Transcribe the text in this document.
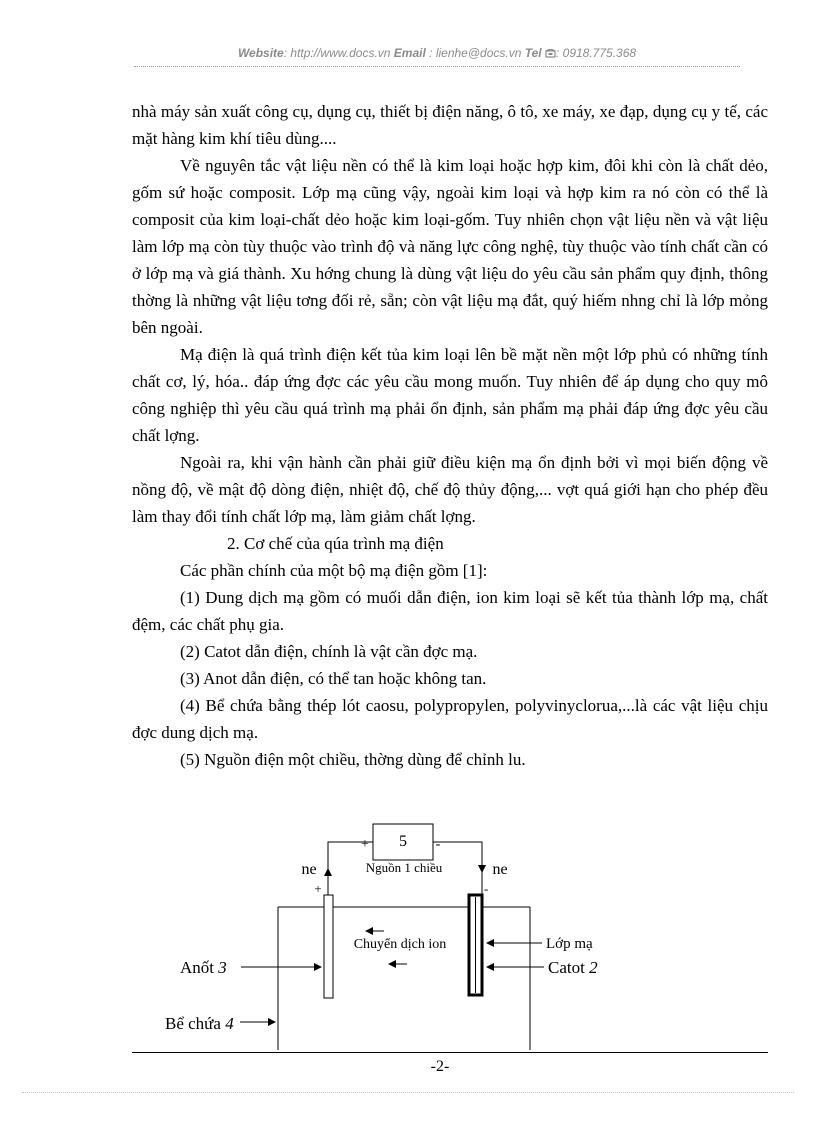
Website: http://www.docs.vn Email : lienhe@docs.vn Tel : 0918.775.368

nhà máy sản xuất công cụ, dụng cụ, thiết bị điện năng, ô tô, xe máy, xe đạp, dụng cụ y tế, các mặt hàng kim khí tiêu dùng....

Về nguyên tắc vật liệu nền có thể là kim loại hoặc hợp kim, đôi khi còn là chất dẻo, gốm sứ hoặc composit. Lớp mạ cũng vậy, ngoài kim loại và hợp kim ra nó còn có thể là composit của kim loại-chất dẻo hoặc kim loại-gốm. Tuy nhiên chọn vật liệu nền và vật liệu làm lớp mạ còn tùy thuộc vào trình độ và năng lực công nghệ, tùy thuộc vào tính chất cần có ở lớp mạ và giá thành. Xu hớng chung là dùng vật liệu do yêu cầu sản phẩm quy định, thông thờng là những vật liệu tơng đối rẻ, sẵn; còn vật liệu mạ đắt, quý hiếm nhng chỉ là lớp mỏng bên ngoài.

Mạ điện là quá trình điện kết tủa kim loại lên bề mặt nền một lớp phủ có những tính chất cơ, lý, hóa.. đáp ứng đợc các yêu cầu mong muốn. Tuy nhiên để áp dụng cho quy mô công nghiệp thì yêu cầu quá trình mạ phải ổn định, sản phẩm mạ phải đáp ứng đợc yêu cầu chất lợng.

Ngoài ra, khi vận hành cần phải giữ điều kiện mạ ổn định bởi vì mọi biến động về nồng độ, về mật độ dòng điện, nhiệt độ, chế độ thủy động,... vợt quá giới hạn cho phép đều làm thay đổi tính chất lớp mạ, làm giảm chất lợng.

2. Cơ chế của qúa trình mạ điện

Các phần chính của một bộ mạ điện gồm [1]:

(1) Dung dịch mạ gồm có muối dẫn điện, ion kim loại sẽ kết tủa thành lớp mạ, chất đệm, các chất phụ gia.

(2) Catot dẫn điện, chính là vật cần đợc mạ.

(3) Anot dẫn điện, có thể tan hoặc không tan.

(4) Bể chứa bằng thép lót caosu, polypropylen, polyvinyclorua,...là các vật liệu chịu đợc dung dịch mạ.

(5) Nguồn điện một chiều, thờng dùng để chỉnh lu.

5
+	-
Nguồn 1 chiều
ne	ne
+	-
Chuyển dịch ion	Lớp mạ
Catot 2
Anốt 3
Bể chứa 4
-2-
